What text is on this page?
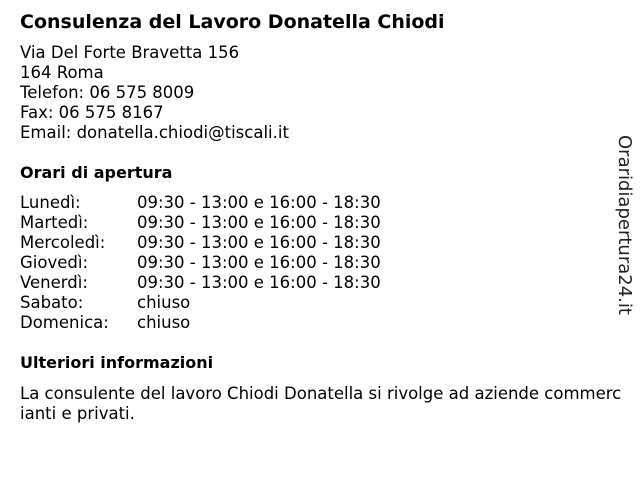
Consulenza del Lavoro Donatella Chiodi
Via Del Forte Bravetta 156
164 Roma
Telefon: 06 575 8009
Fax: 06 575 8167
Email: donatella.chiodi@tiscali.it
Orari di apertura
Lunedì:	09:30 - 13:00 e 16:00 - 18:30
Martedì:	09:30 - 13:00 e 16:00 - 18:30
Mercoledì: 09:30 - 13:00 e 16:00 - 18:30
Giovedì:	09:30 - 13:00 e 16:00 - 18:30
Venerdì:	09:30 - 13:00 e 16:00 - 18:30
Sabato:	chiuso
Domenica: chiuso
Ulteriori informazioni
La consulente del lavoro Chiodi Donatella si rivolge ad aziende commercianti e privati.
Oraridiapertura24.it
